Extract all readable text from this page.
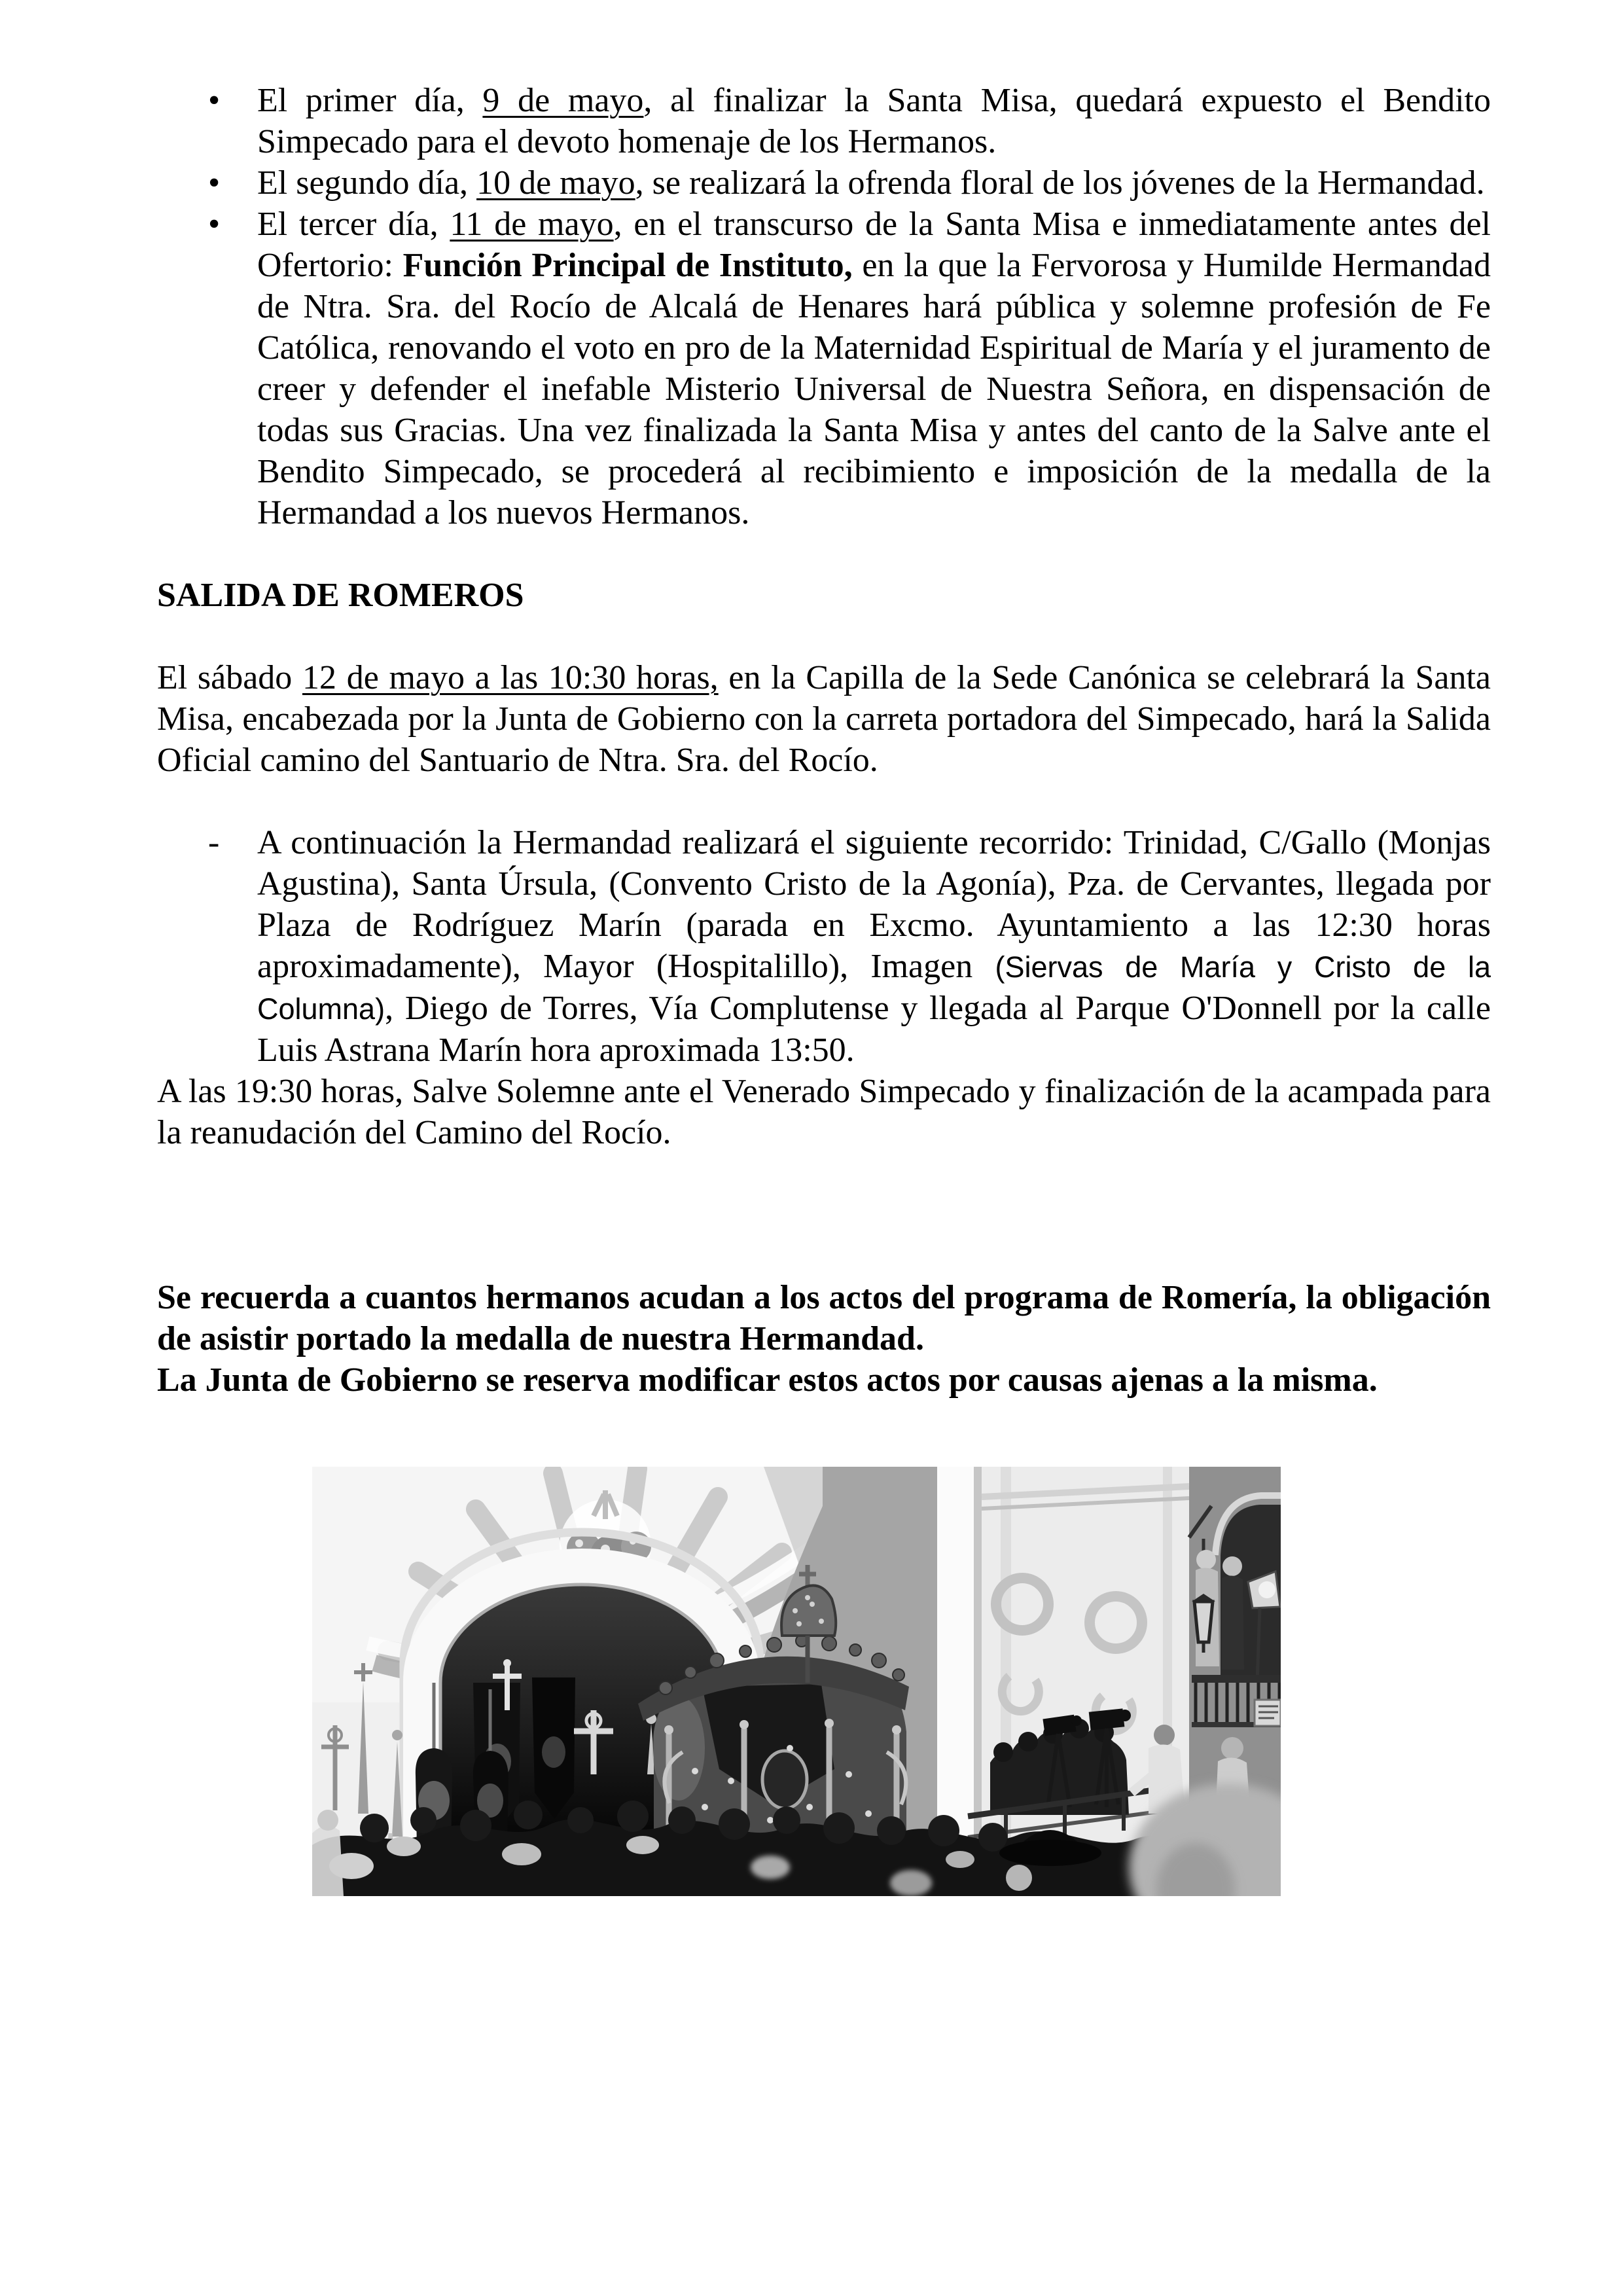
• El primer día, 9 de mayo, al finalizar la Santa Misa, quedará expuesto el Bendito Simpecado para el devoto homenaje de los Hermanos.
• El segundo día, 10 de mayo, se realizará la ofrenda floral de los jóvenes de la Hermandad.
• El tercer día, 11 de mayo, en el transcurso de la Santa Misa e inmediatamente antes del Ofertorio: Función Principal de Instituto, en la que la Fervorosa y Humilde Hermandad de Ntra. Sra. del Rocío de Alcalá de Henares hará pública y solemne profesión de Fe Católica, renovando el voto en pro de la Maternidad Espiritual de María y el juramento de creer y defender el inefable Misterio Universal de Nuestra Señora, en dispensación de todas sus Gracias. Una vez finalizada la Santa Misa y antes del canto de la Salve ante el Bendito Simpecado, se procederá al recibimiento e imposición de la medalla de la Hermandad a los nuevos Hermanos.
SALIDA DE ROMEROS
El sábado 12 de mayo a las 10:30 horas, en la Capilla de la Sede Canónica se celebrará la Santa Misa, encabezada por la Junta de Gobierno con la carreta portadora del Simpecado, hará la Salida Oficial camino del Santuario de Ntra. Sra. del Rocío.
- A continuación la Hermandad realizará el siguiente recorrido: Trinidad, C/Gallo (Monjas Agustina), Santa Úrsula, (Convento Cristo de la Agonía), Pza. de Cervantes, llegada por Plaza de Rodríguez Marín (parada en Excmo. Ayuntamiento a las 12:30 horas aproximadamente), Mayor (Hospitalillo), Imagen (Siervas de María y Cristo de la Columna), Diego de Torres, Vía Complutense y llegada al Parque O'Donnell por la calle Luis Astrana Marín hora aproximada 13:50.
A las 19:30 horas, Salve Solemne ante el Venerado Simpecado y finalización de la acampada para la reanudación del Camino del Rocío.
Se recuerda a cuantos hermanos acudan a los actos del programa de Romería, la obligación de asistir portado la medalla de nuestra Hermandad.
La Junta de Gobierno se reserva modificar estos actos por causas ajenas a la misma.
